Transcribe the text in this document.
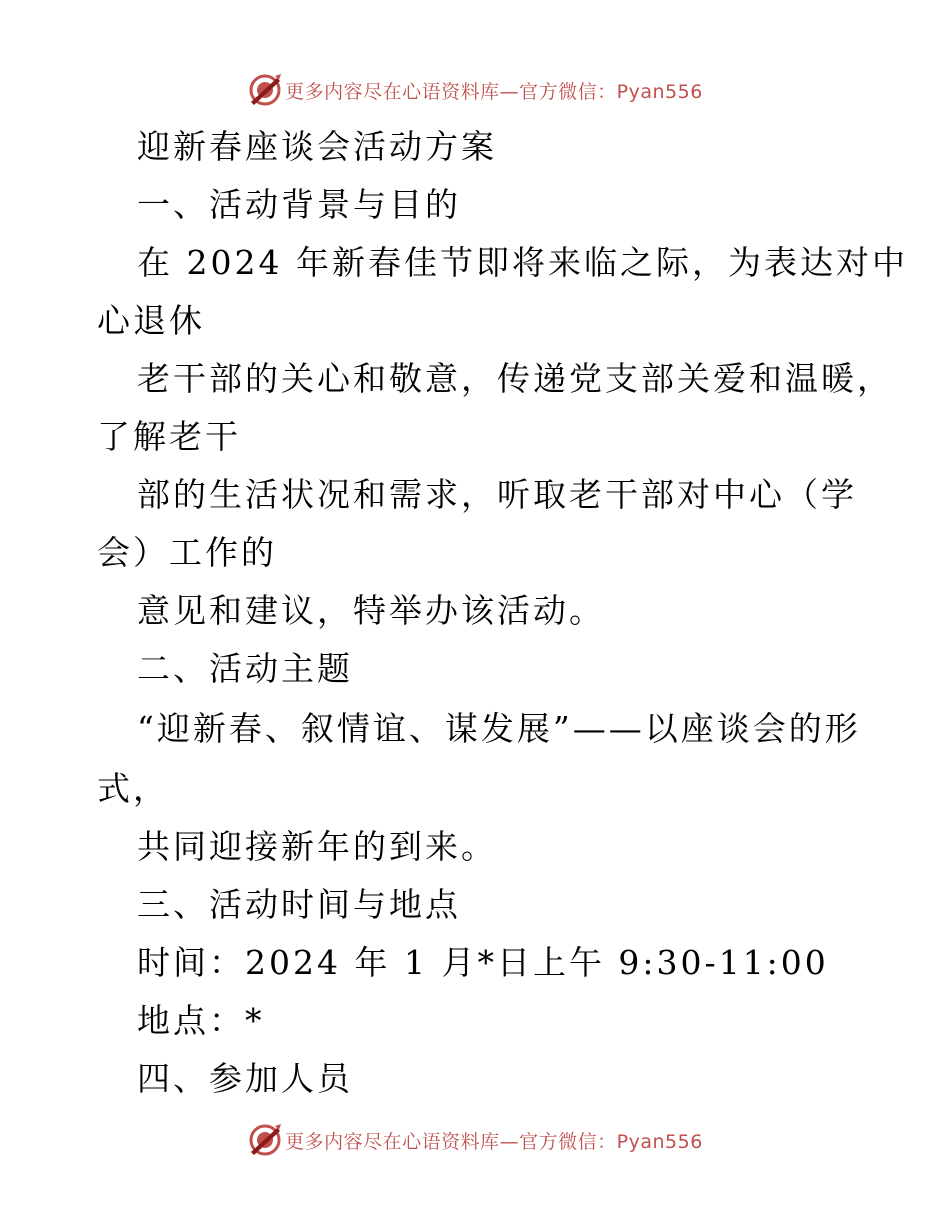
更多内容尽在心语资料库—官方微信：Pyan556
迎新春座谈会活动方案
一、活动背景与目的
在 2024 年新春佳节即将来临之际，为表达对中
心退休
老干部的关心和敬意，传递党支部关爱和温暖，
了解老干
部的生活状况和需求，听取老干部对中心（学
会）工作的
意见和建议，特举办该活动。
二、活动主题
“迎新春、叙情谊、谋发展”——以座谈会的形
式，
共同迎接新年的到来。
三、活动时间与地点
时间：2024 年 1 月*日上午 9:30-11:00
地点：*
四、参加人员
更多内容尽在心语资料库—官方微信：Pyan556
